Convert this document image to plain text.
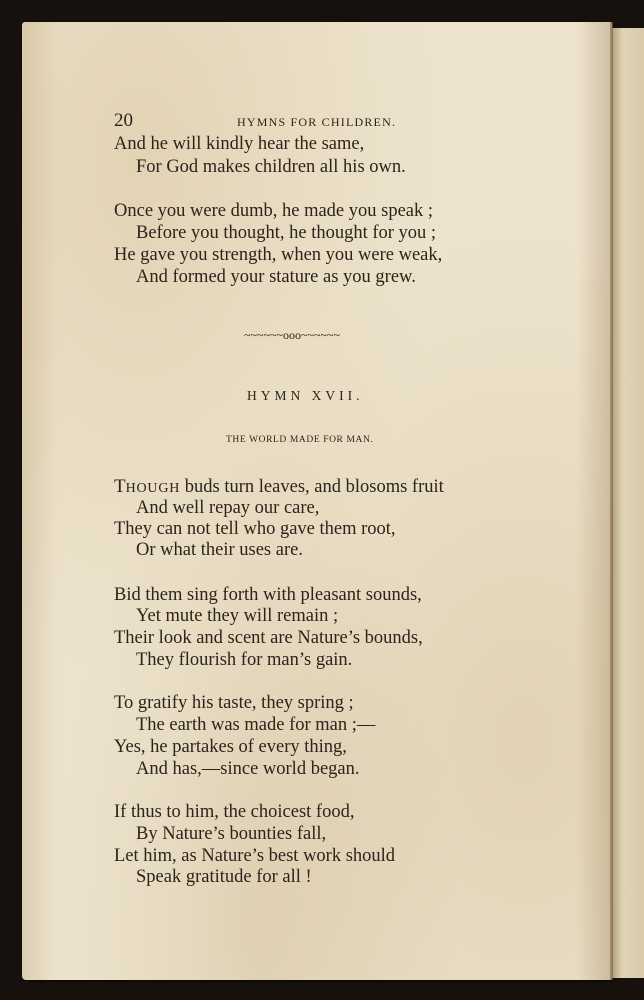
20	HYMNS FOR CHILDREN.
And he will kindly hear the same,
For God makes children all his own.
Once you were dumb, he made you speak ;
Before you thought, he thought for you ;
He gave you strength, when you were weak,
And formed your stature as you grew.
~~~~~~ooo~~~~~~
HYMN XVII.
THE WORLD MADE FOR MAN.
THOUGH buds turn leaves, and blosoms fruit
And well repay our care,
They can not tell who gave them root,
Or what their uses are.
Bid them sing forth with pleasant sounds,
Yet mute they will remain ;
Their look and scent are Nature’s bounds,
They flourish for man’s gain.
To gratify his taste, they spring ;
The earth was made for man ;—
Yes, he partakes of every thing,
And has,—since world began.
If thus to him, the choicest food,
By Nature’s bounties fall,
Let him, as Nature’s best work should
Speak gratitude for all !
